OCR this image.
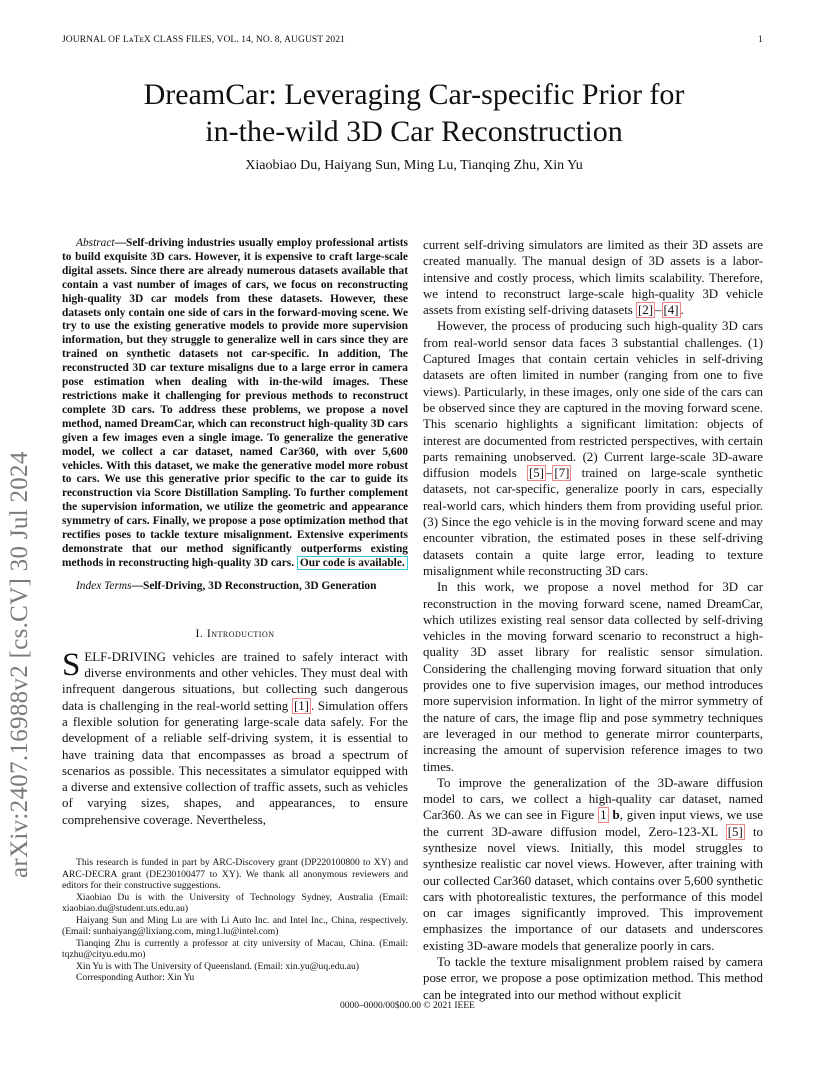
JOURNAL OF LᴀTᴇX CLASS FILES, VOL. 14, NO. 8, AUGUST 2021	1
arXiv:2407.16988v2 [cs.CV] 30 Jul 2024
DreamCar: Leveraging Car-specific Prior for
in-the-wild 3D Car Reconstruction
Xiaobiao Du, Haiyang Sun, Ming Lu, Tianqing Zhu, Xin Yu

Abstract—Self-driving industries usually employ professional artists to build exquisite 3D cars. However, it is expensive to craft large-scale digital assets. Since there are already numerous datasets available that contain a vast number of images of cars, we focus on reconstructing high-quality 3D car models from these datasets. However, these datasets only contain one side of cars in the forward-moving scene. We try to use the existing generative models to provide more supervision information, but they struggle to generalize well in cars since they are trained on synthetic datasets not car-specific. In addition, The reconstructed 3D car texture misaligns due to a large error in camera pose estimation when dealing with in-the-wild images. These restrictions make it challenging for previous methods to reconstruct complete 3D cars. To address these problems, we propose a novel method, named DreamCar, which can reconstruct high-quality 3D cars given a few images even a single image. To generalize the generative model, we collect a car dataset, named Car360, with over 5,600 vehicles. With this dataset, we make the generative model more robust to cars. We use this generative prior specific to the car to guide its reconstruction via Score Distillation Sampling. To further complement the supervision information, we utilize the geometric and appearance symmetry of cars. Finally, we propose a pose optimization method that rectifies poses to tackle texture misalignment. Extensive experiments demonstrate that our method significantly outperforms existing methods in reconstructing high-quality 3D cars. Our code is available.

Index Terms—Self-Driving, 3D Reconstruction, 3D Generation

I. Introduction

SELF-DRIVING vehicles are trained to safely interact with diverse environments and other vehicles. They must deal with infrequent dangerous situations, but collecting such dangerous data is challenging in the real-world setting [1] . Simulation offers a flexible solution for generating large-scale data safely. For the development of a reliable self-driving system, it is essential to have training data that encompasses as broad a spectrum of scenarios as possible. This necessitates a simulator equipped with a diverse and extensive collection of traffic assets, such as vehicles of varying sizes, shapes, and appearances, to ensure comprehensive coverage. Nevertheless,

This research is funded in part by ARC-Discovery grant (DP220100800 to XY) and ARC-DECRA grant (DE230100477 to XY). We thank all anonymous reviewers and editors for their constructive suggestions.

Xiaobiao Du is with the University of Technology Sydney, Australia (Email: xiaobiao.du@student.uts.edu.au)

Haiyang Sun and Ming Lu are with Li Auto Inc. and Intel Inc., China, respectively. (Email: sunhaiyang@lixiang.com, ming1.lu@intel.com)

Tianqing Zhu is currently a professor at city university of Macau, China. (Email: tqzhu@cityu.edu.mo)

Xin Yu is with The University of Queensland. (Email: xin.yu@uq.edu.au)

Corresponding Author: Xin Yu

current self-driving simulators are limited as their 3D assets are created manually. The manual design of 3D assets is a labor-intensive and costly process, which limits scalability. Therefore, we intend to reconstruct large-scale high-quality 3D vehicle assets from existing self-driving datasets [2] – [4] .

However, the process of producing such high-quality 3D cars from real-world sensor data faces 3 substantial challenges. (1) Captured Images that contain certain vehicles in self-driving datasets are often limited in number (ranging from one to five views). Particularly, in these images, only one side of the cars can be observed since they are captured in the moving forward scene. This scenario highlights a significant limitation: objects of interest are documented from restricted perspectives, with certain parts remaining unobserved. (2) Current large-scale 3D-aware diffusion models [5] – [7] trained on large-scale synthetic datasets, not car-specific, generalize poorly in cars, especially real-world cars, which hinders them from providing useful prior. (3) Since the ego vehicle is in the moving forward scene and may encounter vibration, the estimated poses in these self-driving datasets contain a quite large error, leading to texture misalignment while reconstructing 3D cars.

In this work, we propose a novel method for 3D car reconstruction in the moving forward scene, named DreamCar, which utilizes existing real sensor data collected by self-driving vehicles in the moving forward scenario to reconstruct a high-quality 3D asset library for realistic sensor simulation. Considering the challenging moving forward situation that only provides one to five supervision images, our method introduces more supervision information. In light of the mirror symmetry of the nature of cars, the image flip and pose symmetry techniques are leveraged in our method to generate mirror counterparts, increasing the amount of supervision reference images to two times.

To improve the generalization of the 3D-aware diffusion model to cars, we collect a high-quality car dataset, named Car360. As we can see in Figure 1 b, given input views, we use the current 3D-aware diffusion model, Zero-123-XL [5] to synthesize novel views. Initially, this model struggles to synthesize realistic car novel views. However, after training with our collected Car360 dataset, which contains over 5,600 synthetic cars with photorealistic textures, the performance of this model on car images significantly improved. This improvement emphasizes the importance of our datasets and underscores existing 3D-aware models that generalize poorly in cars.

To tackle the texture misalignment problem raised by camera pose error, we propose a pose optimization method. This method can be integrated into our method without explicit

0000–0000/00$00.00 © 2021 IEEE
